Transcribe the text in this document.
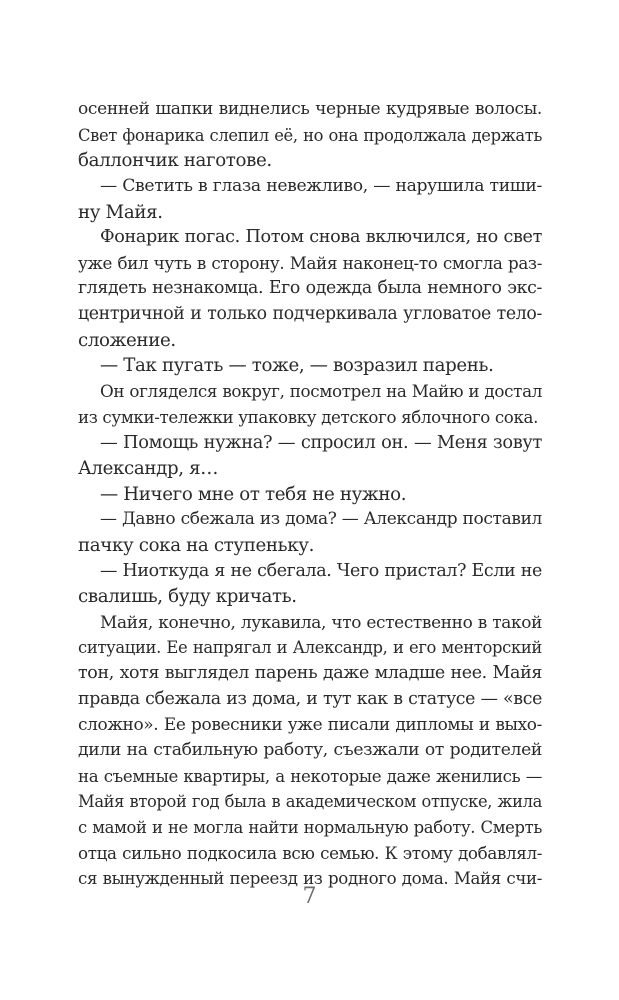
осенней шапки виднелись черные кудрявые волосы.
Свет фонарика слепил её, но она продолжала держать
баллончик наготове.
— Светить в глаза невежливо, — нарушила тиши-
ну Майя.
Фонарик погас. Потом снова включился, но свет
уже бил чуть в сторону. Майя наконец-то смогла раз-
глядеть незнакомца. Его одежда была немного экс-
центричной и только подчеркивала угловатое тело-
сложение.
— Так пугать — тоже, — возразил парень.
Он огляделся вокруг, посмотрел на Майю и достал
из сумки-тележки упаковку детского яблочного сока.
— Помощь нужна? — спросил он. — Меня зовут
Александр, я…
— Ничего мне от тебя не нужно.
— Давно сбежала из дома? — Александр поставил
пачку сока на ступеньку.
— Ниоткуда я не сбегала. Чего пристал? Если не
свалишь, буду кричать.
Майя, конечно, лукавила, что естественно в такой
ситуации. Ее напрягал и Александр, и его менторский
тон, хотя выглядел парень даже младше нее. Майя
правда сбежала из дома, и тут как в статусе — «все
сложно». Ее ровесники уже писали дипломы и выхо-
дили на стабильную работу, съезжали от родителей
на съемные квартиры, а некоторые даже женились —
Майя второй год была в академическом отпуске, жила
с мамой и не могла найти нормальную работу. Смерть
отца сильно подкосила всю семью. К этому добавлял-
ся вынужденный переезд из родного дома. Майя счи-
7
